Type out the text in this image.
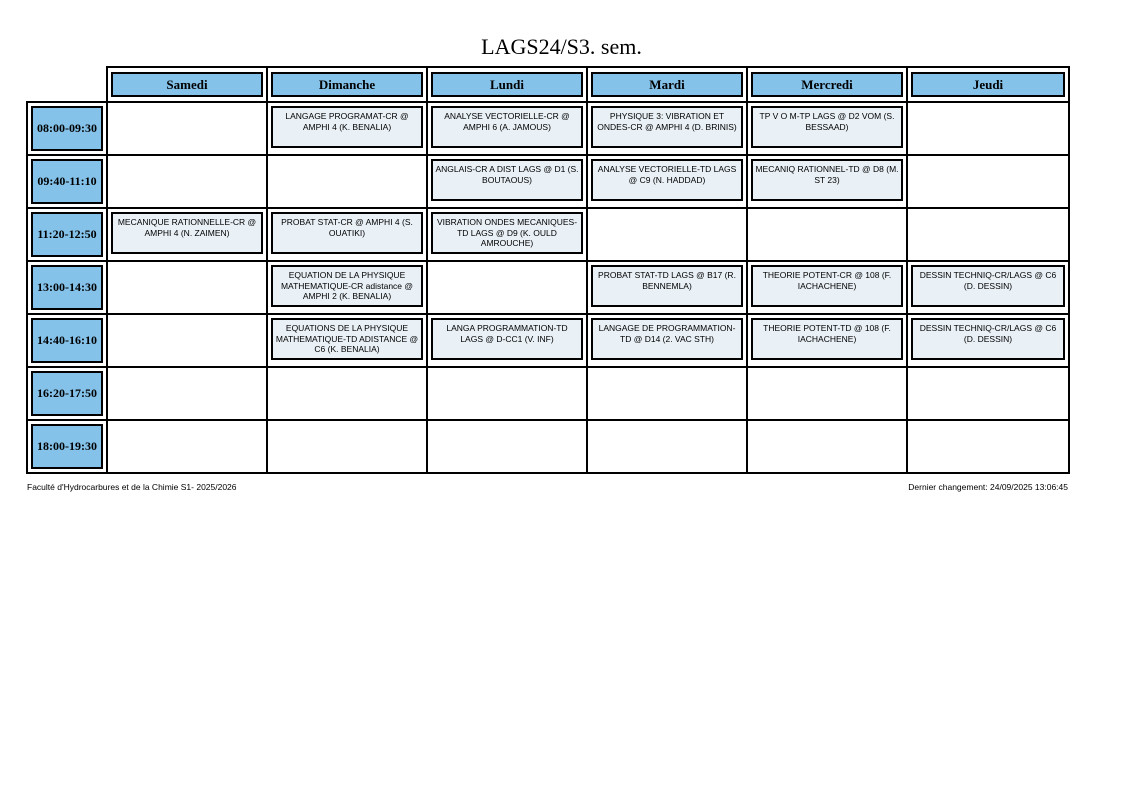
LAGS24/S3. sem.

Samedi	Dimanche	Lundi	Mardi	Mercredi	Jeudi

08:00-09:30		LANGAGE PROGRAMAT-CR @ AMPHI 4 (K. BENALIA)	ANALYSE VECTORIELLE-CR @ AMPHI 6 (A. JAMOUS)	PHYSIQUE 3: VIBRATION ET ONDES-CR @ AMPHI 4 (D. BRINIS)	TP V O M-TP LAGS @ D2 VOM (S. BESSAAD)	

09:40-11:10			ANGLAIS-CR A DIST LAGS @ D1 (S. BOUTAOUS)	ANALYSE VECTORIELLE-TD LAGS @ C9 (N. HADDAD)	MECANIQ RATIONNEL-TD @ D8 (M. ST 23)	

11:20-12:50	MECANIQUE RATIONNELLE-CR @ AMPHI 4 (N. ZAIMEN)	PROBAT STAT-CR @ AMPHI 4 (S. OUATIKI)	VIBRATION ONDES MECANIQUES-TD LAGS @ D9 (K. OULD AMROUCHE)			

13:00-14:30		EQUATION DE LA PHYSIQUE MATHEMATIQUE-CR adistance @ AMPHI 2 (K. BENALIA)		PROBAT STAT-TD LAGS @ B17 (R. BENNEMLA)	THEORIE POTENT-CR @ 108 (F. IACHACHENE)	DESSIN TECHNIQ-CR/LAGS @ C6 (D. DESSIN)

14:40-16:10		EQUATIONS DE LA PHYSIQUE MATHEMATIQUE-TD ADISTANCE @ C6 (K. BENALIA)	LANGA PROGRAMMATION-TD LAGS @ D-CC1 (V. INF)	LANGAGE DE PROGRAMMATION-TD @ D14 (2. VAC STH)	THEORIE POTENT-TD @ 108 (F. IACHACHENE)	DESSIN TECHNIQ-CR/LAGS @ C6 (D. DESSIN)

16:20-17:50						

18:00-19:30						

Faculté d'Hydrocarbures et de la Chimie S1- 2025/2026	Dernier changement: 24/09/2025 13:06:45
